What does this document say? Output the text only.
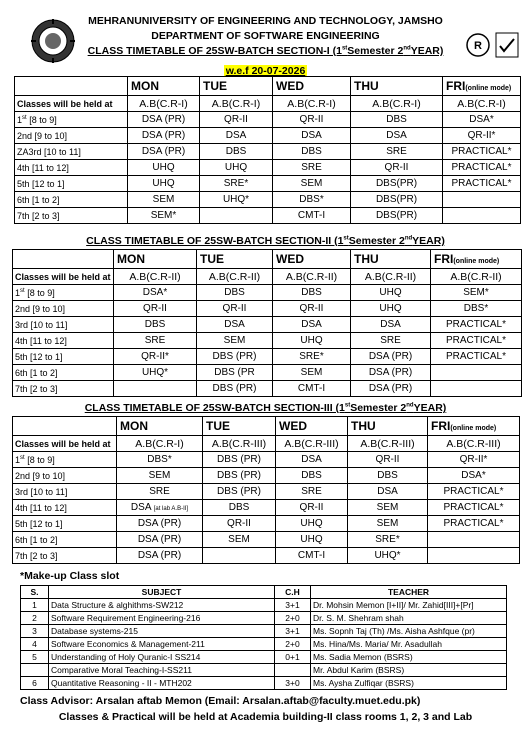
R
MEHRANUNIVERSITY OF ENGINEERING AND TECHNOLOGY, JAMSHO
DEPARTMENT OF SOFTWARE ENGINEERING
CLASS TIMETABLE OF 25SW-BATCH SECTION-I (1stSemester 2ndYEAR)
w.e.f 20-07-2026
	MON	TUE	WED	THU	FRI(online mode)
Classes will be held at	A.B(C.R-I)	A.B(C.R-I)	A.B(C.R-I)	A.B(C.R-I)	A.B(C.R-I)
1st [8 to 9]	DSA (PR)	QR-II	QR-II	DBS	DSA*
2nd [9 to 10]	DSA (PR)	DSA	DSA	DSA	QR-II*
ZA3rd [10 to 11]	DSA (PR)	DBS	DBS	SRE	PRACTICAL*
4th [11 to 12]	UHQ	UHQ	SRE	QR-II	PRACTICAL*
5th [12 to 1]	UHQ	SRE*	SEM	DBS(PR)	PRACTICAL*
6th [1 to 2]	SEM	UHQ*	DBS*	DBS(PR)	
7th [2 to 3]	SEM*		CMT-I	DBS(PR)	
CLASS TIMETABLE OF 25SW-BATCH SECTION-II (1stSemester 2ndYEAR)
	MON	TUE	WED	THU	FRI(online mode)
Classes will be held at	A.B(C.R-II)	A.B(C.R-II)	A.B(C.R-II)	A.B(C.R-II)	A.B(C.R-II)
1st [8 to 9]	DSA*	DBS	DBS	UHQ	SEM*
2nd [9 to 10]	QR-II	QR-II	QR-II	UHQ	DBS*
3rd [10 to 11]	DBS	DSA	DSA	DSA	PRACTICAL*
4th [11 to 12]	SRE	SEM	UHQ	SRE	PRACTICAL*
5th [12 to 1]	QR-II*	DBS (PR)	SRE*	DSA (PR)	PRACTICAL*
6th [1 to 2]	UHQ*	DBS (PR	SEM	DSA (PR)	
7th [2 to 3]		DBS (PR)	CMT-I	DSA (PR)	
CLASS TIMETABLE OF 25SW-BATCH SECTION-III (1stSemester 2ndYEAR)
	MON	TUE	WED	THU	FRI(online mode)
Classes will be held at	A.B(C.R-I)	A.B(C.R-III)	A.B(C.R-III)	A.B(C.R-III)	A.B(C.R-III)
1st [8 to 9]	DBS*	DBS (PR)	DSA	QR-II	QR-II*
2nd [9 to 10]	SEM	DBS (PR)	DBS	DBS	DSA*
3rd [10 to 11]	SRE	DBS (PR)	SRE	DSA	PRACTICAL*
4th [11 to 12]	DSA [at lab A.B-II]	DBS	QR-II	SEM	PRACTICAL*
5th [12 to 1]	DSA (PR)	QR-II	UHQ	SEM	PRACTICAL*
6th [1 to 2]	DSA (PR)	SEM	UHQ	SRE*	
7th [2 to 3]	DSA (PR)		CMT-I	UHQ*	
*Make-up Class slot
S.	SUBJECT	C.H	TEACHER
1	Data Structure & alghithms-SW212	3+1	Dr. Mohsin Memon [I+II]/ Mr. Zahid[III]+[Pr]
2	Software Requirement Engineering-216	2+0	Dr. S. M. Shehram shah
3	Database systems-215	3+1	Ms. Sopnh Taj (Th) /Ms. Aisha Ashfque (pr)
4	Software Economics & Management-211	2+0	Ms. Hina/Ms. Maria/ Mr. Asadullah
5	Understanding of Holy Quranic-I SS214	0+1	Ms. Sadia Memon (BSRS)
	Comparative Moral Teaching-I-SS211		Mr. Abdul Karim (BSRS)
6	Quantitative Reasoning - II - MTH202	3+0	Ms. Aysha Zulfiqar (BSRS)
Class Advisor: Arsalan aftab Memon (Email: Arsalan.aftab@faculty.muet.edu.pk)
Classes & Practical will be held at Academia building-II class rooms 1, 2, 3 and Lab
